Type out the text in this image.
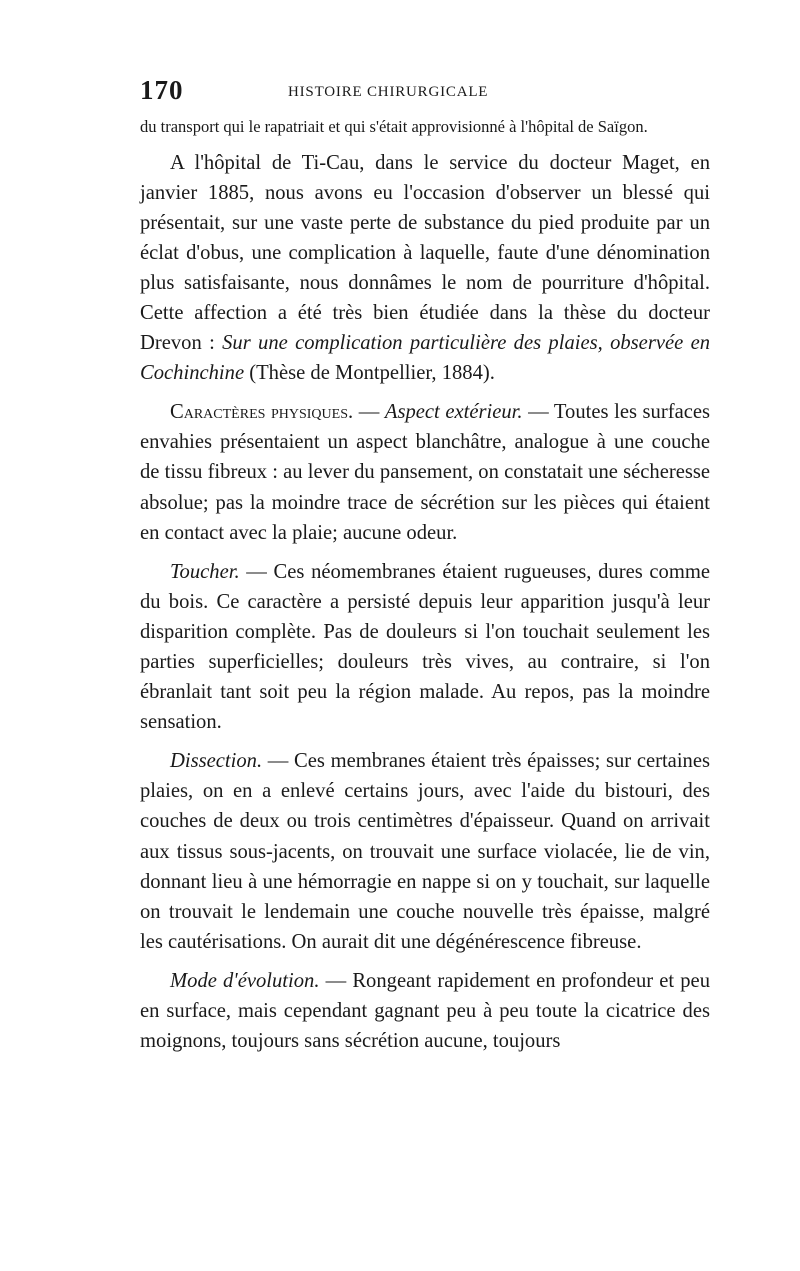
170	HISTOIRE CHIRURGICALE

du transport qui le rapatriait et qui s'était approvisionné à l'hôpital de Saïgon.

A l'hôpital de Ti-Cau, dans le service du docteur Maget, en janvier 1885, nous avons eu l'occasion d'observer un blessé qui présentait, sur une vaste perte de substance du pied produite par un éclat d'obus, une complication à laquelle, faute d'une dénomination plus satisfaisante, nous donnâmes le nom de pourriture d'hôpital. Cette affection a été très bien étudiée dans la thèse du docteur Drevon : Sur une complication particulière des plaies, observée en Cochinchine (Thèse de Montpellier, 1884).

Caractères physiques. — Aspect extérieur. — Toutes les surfaces envahies présentaient un aspect blanchâtre, analogue à une couche de tissu fibreux : au lever du pansement, on constatait une sécheresse absolue; pas la moindre trace de sécrétion sur les pièces qui étaient en contact avec la plaie; aucune odeur.

Toucher. — Ces néomembranes étaient rugueuses, dures comme du bois. Ce caractère a persisté depuis leur apparition jusqu'à leur disparition complète. Pas de douleurs si l'on touchait seulement les parties superficielles; douleurs très vives, au contraire, si l'on ébranlait tant soit peu la région malade. Au repos, pas la moindre sensation.

Dissection. — Ces membranes étaient très épaisses; sur certaines plaies, on en a enlevé certains jours, avec l'aide du bistouri, des couches de deux ou trois centimètres d'épaisseur. Quand on arrivait aux tissus sous-jacents, on trouvait une surface violacée, lie de vin, donnant lieu à une hémorragie en nappe si on y touchait, sur laquelle on trouvait le lendemain une couche nouvelle très épaisse, malgré les cautérisations. On aurait dit une dégénérescence fibreuse.

Mode d'évolution. — Rongeant rapidement en profondeur et peu en surface, mais cependant gagnant peu à peu toute la cicatrice des moignons, toujours sans sécrétion aucune, toujours
